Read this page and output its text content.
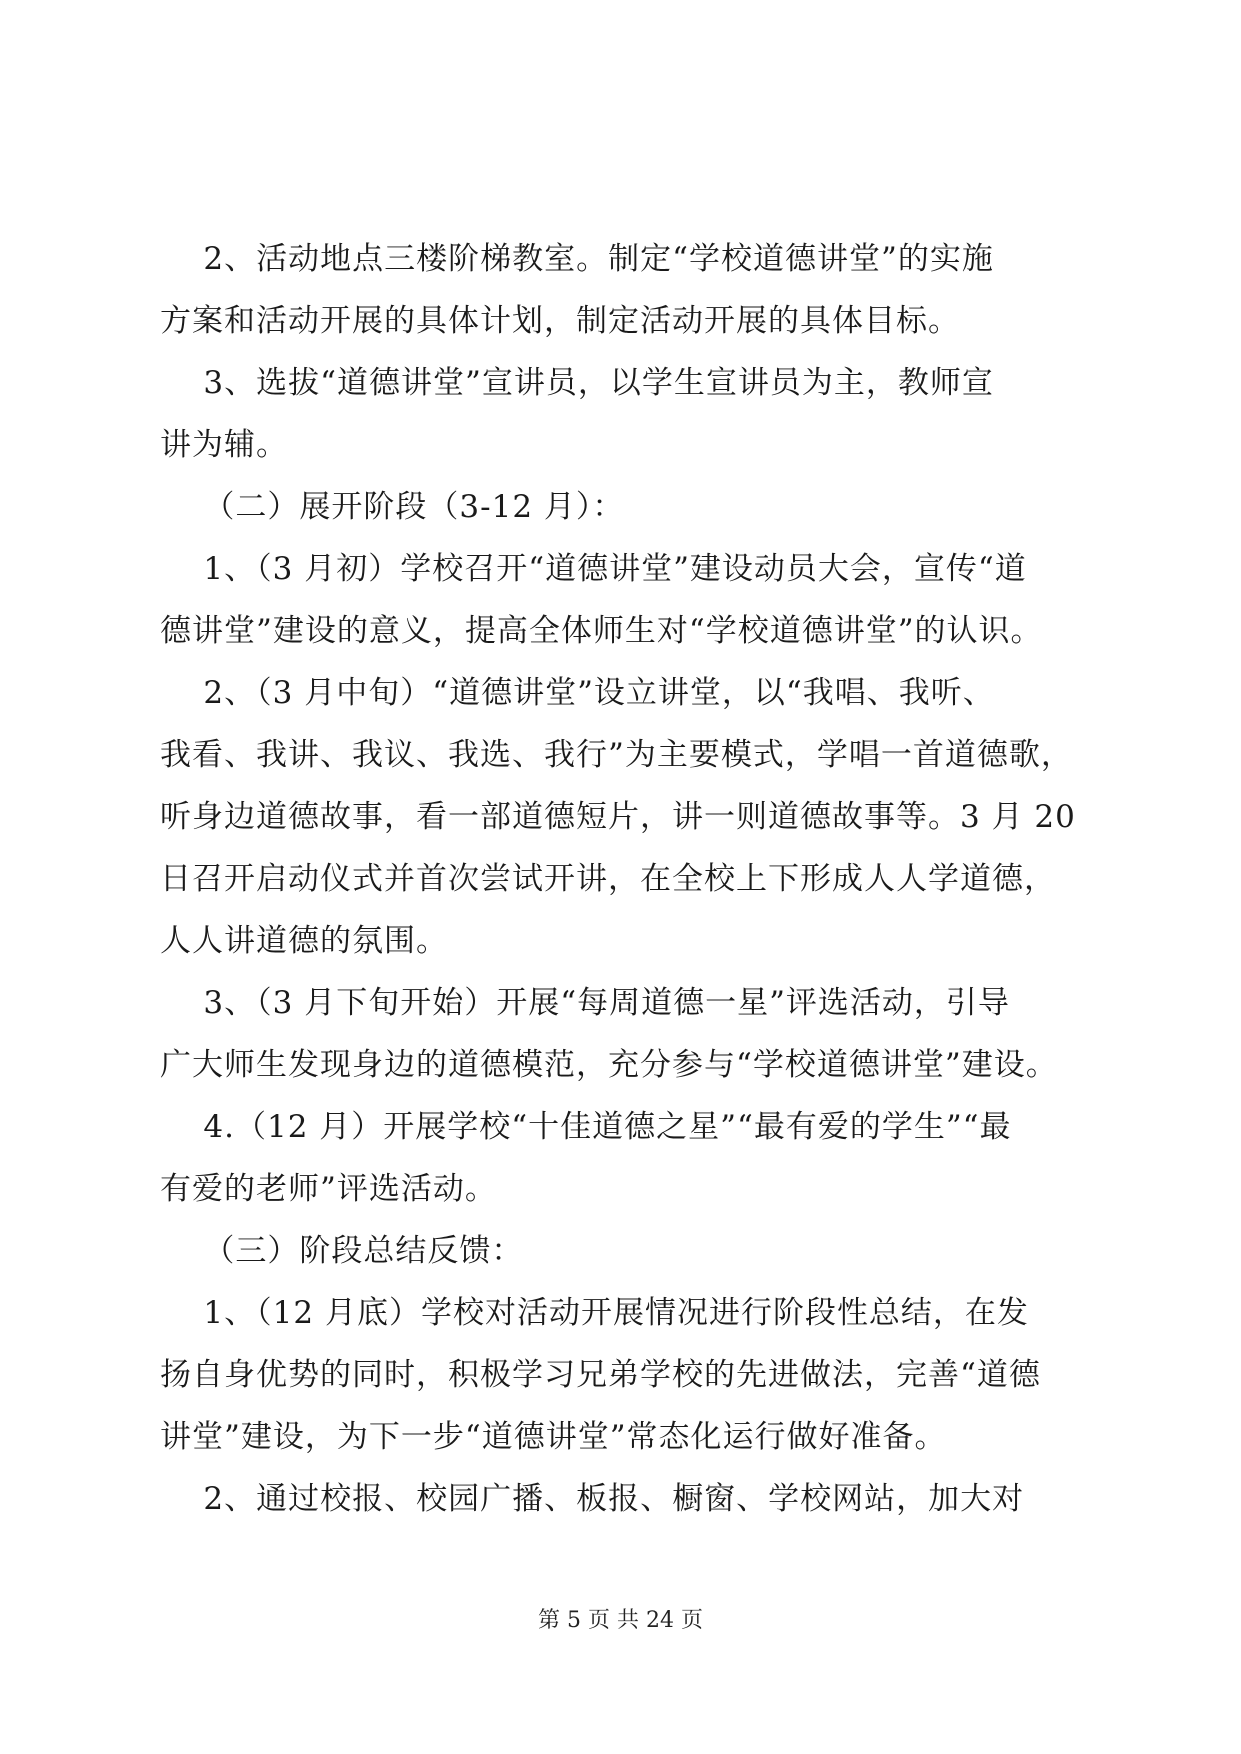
2、活动地点三楼阶梯教室。制定“学校道德讲堂”的实施
方案和活动开展的具体计划，制定活动开展的具体目标。
3、选拔“道德讲堂”宣讲员，以学生宣讲员为主，教师宣
讲为辅。
（二）展开阶段（3-12 月）：
1、（3 月初）学校召开“道德讲堂”建设动员大会，宣传“道
德讲堂”建设的意义，提高全体师生对“学校道德讲堂”的认识。
2、（3 月中旬）“道德讲堂”设立讲堂，以“我唱、我听、
我看、我讲、我议、我选、我行”为主要模式，学唱一首道德歌，
听身边道德故事，看一部道德短片，讲一则道德故事等。3 月 20
日召开启动仪式并首次尝试开讲，在全校上下形成人人学道德，
人人讲道德的氛围。
3、（3 月下旬开始）开展“每周道德一星”评选活动，引导
广大师生发现身边的道德模范，充分参与“学校道德讲堂”建设。
4.（12 月）开展学校“十佳道德之星”“最有爱的学生”“最
有爱的老师”评选活动。
（三）阶段总结反馈：
1、（12 月底）学校对活动开展情况进行阶段性总结，在发
扬自身优势的同时，积极学习兄弟学校的先进做法，完善“道德
讲堂”建设，为下一步“道德讲堂”常态化运行做好准备。
2、通过校报、校园广播、板报、橱窗、学校网站，加大对
第 5 页 共 24 页
